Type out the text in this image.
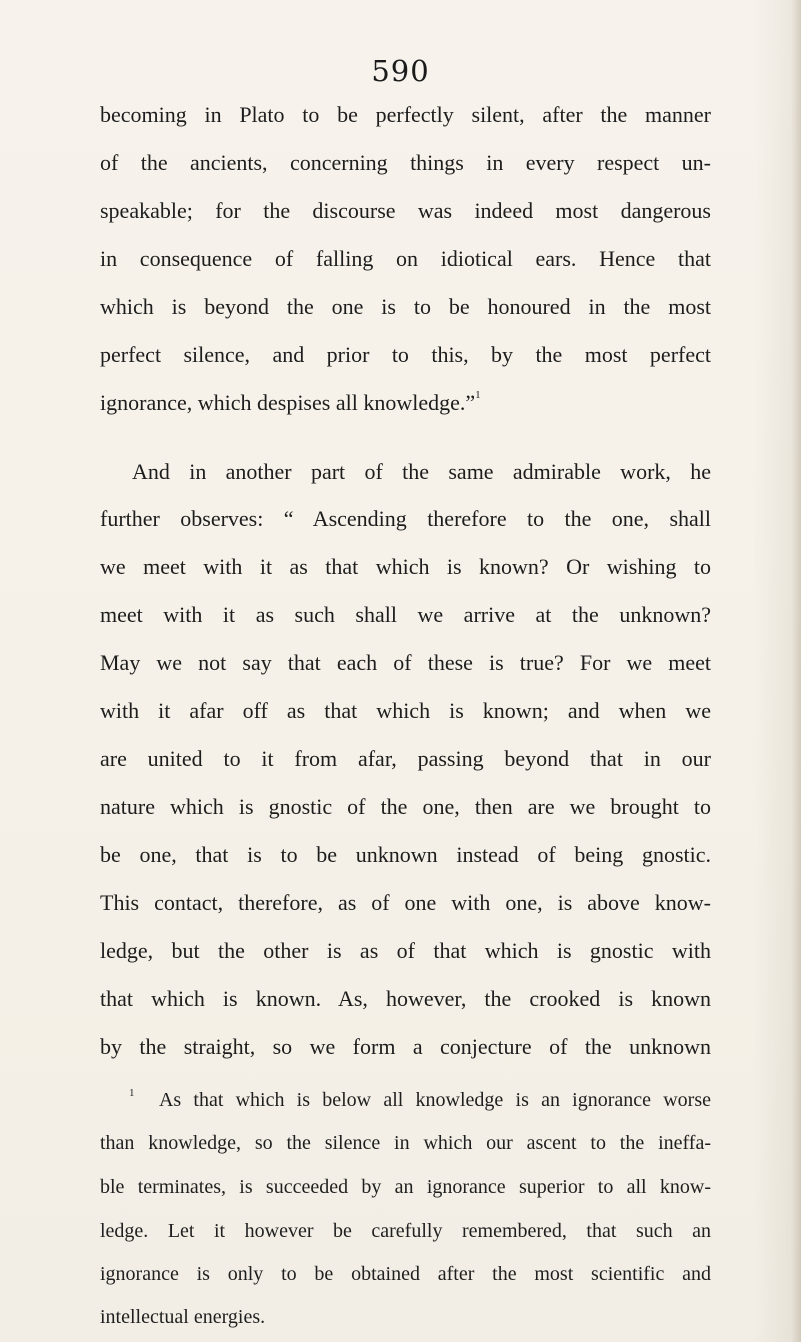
590
becoming in Plato to be perfectly silent, after the manner
of the ancients, concerning things in every respect un-
speakable; for the discourse was indeed most dangerous
in consequence of falling on idiotical ears. Hence that
which is beyond the one is to be honoured in the most
perfect silence, and prior to this, by the most perfect
ignorance, which despises all knowledge.”$^1$
And in another part of the same admirable work, he
further observes: “ Ascending therefore to the one, shall
we meet with it as that which is known? Or wishing to
meet with it as such shall we arrive at the unknown?
May we not say that each of these is true? For we meet
with it afar off as that which is known; and when we
are united to it from afar, passing beyond that in our
nature which is gnostic of the one, then are we brought to
be one, that is to be unknown instead of being gnostic.
This contact, therefore, as of one with one, is above know-
ledge, but the other is as of that which is gnostic with
that which is known. As, however, the crooked is known
by the straight, so we form a conjecture of the unknown
$^1$ As that which is below all knowledge is an ignorance worse
than knowledge, so the silence in which our ascent to the ineffa-
ble terminates, is succeeded by an ignorance superior to all know-
ledge. Let it however be carefully remembered, that such an
ignorance is only to be obtained after the most scientific and
intellectual energies.
